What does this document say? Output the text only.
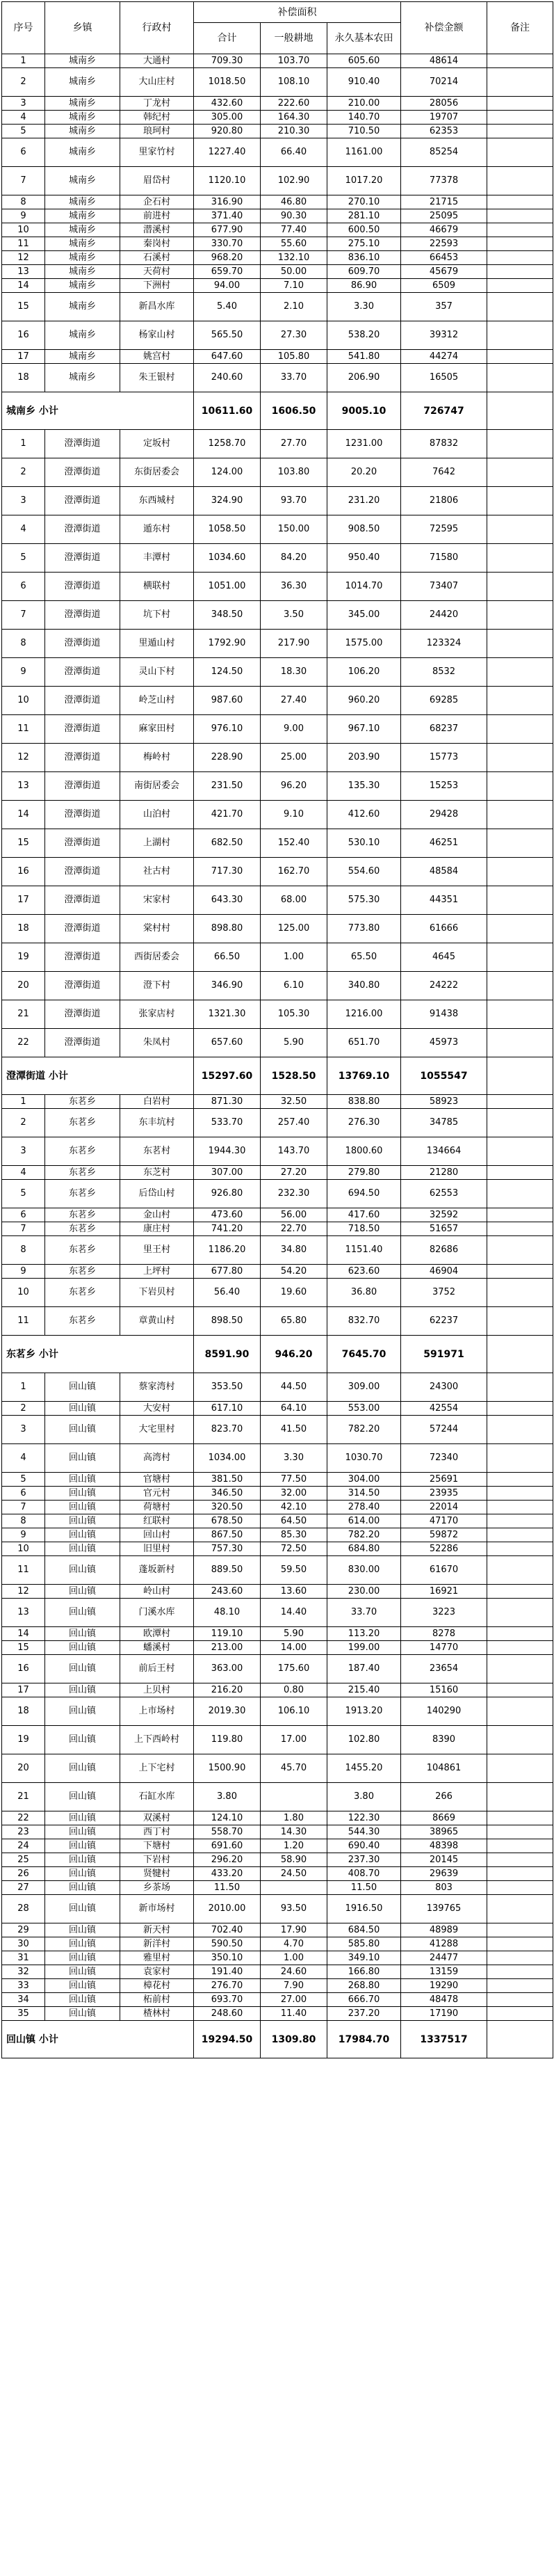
序号	乡镇	行政村	补偿面积			补偿金额	备注
			合计	一般耕地	永久基本农田		
1	城南乡	大通村	709.30	103.70	605.60	48614	
2	城南乡	大山庄村	1018.50	108.10	910.40	70214	
3	城南乡	丁龙村	432.60	222.60	210.00	28056	
4	城南乡	韩纪村	305.00	164.30	140.70	19707	
5	城南乡	琅珂村	920.80	210.30	710.50	62353	
6	城南乡	里家竹村	1227.40	66.40	1161.00	85254	
7	城南乡	眉岱村	1120.10	102.90	1017.20	77378	
8	城南乡	企石村	316.90	46.80	270.10	21715	
9	城南乡	前进村	371.40	90.30	281.10	25095	
10	城南乡	潜溪村	677.90	77.40	600.50	46679	
11	城南乡	秦岗村	330.70	55.60	275.10	22593	
12	城南乡	石溪村	968.20	132.10	836.10	66453	
13	城南乡	天荷村	659.70	50.00	609.70	45679	
14	城南乡	下洲村	94.00	7.10	86.90	6509	
15	城南乡	新昌水库	5.40	2.10	3.30	357	
16	城南乡	杨家山村	565.50	27.30	538.20	39312	
17	城南乡	姚宫村	647.60	105.80	541.80	44274	
18	城南乡	朱王银村	240.60	33.70	206.90	16505	
城南乡 小计			10611.60	1606.50	9005.10	726747	
1	澄潭街道	定坂村	1258.70	27.70	1231.00	87832	
2	澄潭街道	东街居委会	124.00	103.80	20.20	7642	
3	澄潭街道	东西城村	324.90	93.70	231.20	21806	
4	澄潭街道	遁东村	1058.50	150.00	908.50	72595	
5	澄潭街道	丰潭村	1034.60	84.20	950.40	71580	
6	澄潭街道	横联村	1051.00	36.30	1014.70	73407	
7	澄潭街道	坑下村	348.50	3.50	345.00	24420	
8	澄潭街道	里遁山村	1792.90	217.90	1575.00	123324	
9	澄潭街道	灵山下村	124.50	18.30	106.20	8532	
10	澄潭街道	岭芝山村	987.60	27.40	960.20	69285	
11	澄潭街道	麻家田村	976.10	9.00	967.10	68237	
12	澄潭街道	梅岭村	228.90	25.00	203.90	15773	
13	澄潭街道	南街居委会	231.50	96.20	135.30	15253	
14	澄潭街道	山泊村	421.70	9.10	412.60	29428	
15	澄潭街道	上湖村	682.50	152.40	530.10	46251	
16	澄潭街道	社古村	717.30	162.70	554.60	48584	
17	澄潭街道	宋家村	643.30	68.00	575.30	44351	
18	澄潭街道	棠村村	898.80	125.00	773.80	61666	
19	澄潭街道	西街居委会	66.50	1.00	65.50	4645	
20	澄潭街道	澄下村	346.90	6.10	340.80	24222	
21	澄潭街道	张家店村	1321.30	105.30	1216.00	91438	
22	澄潭街道	朱凤村	657.60	5.90	651.70	45973	
澄潭街道 小计			15297.60	1528.50	13769.10	1055547	
1	东茗乡	白岩村	871.30	32.50	838.80	58923	
2	东茗乡	东丰坑村	533.70	257.40	276.30	34785	
3	东茗乡	东茗村	1944.30	143.70	1800.60	134664	
4	东茗乡	东芝村	307.00	27.20	279.80	21280	
5	东茗乡	后岱山村	926.80	232.30	694.50	62553	
6	东茗乡	金山村	473.60	56.00	417.60	32592	
7	东茗乡	康庄村	741.20	22.70	718.50	51657	
8	东茗乡	里王村	1186.20	34.80	1151.40	82686	
9	东茗乡	上坪村	677.80	54.20	623.60	46904	
10	东茗乡	下岩贝村	56.40	19.60	36.80	3752	
11	东茗乡	章黄山村	898.50	65.80	832.70	62237	
东茗乡 小计			8591.90	946.20	7645.70	591971	
1	回山镇	蔡家湾村	353.50	44.50	309.00	24300	
2	回山镇	大安村	617.10	64.10	553.00	42554	
3	回山镇	大宅里村	823.70	41.50	782.20	57244	
4	回山镇	高湾村	1034.00	3.30	1030.70	72340	
5	回山镇	官塘村	381.50	77.50	304.00	25691	
6	回山镇	官元村	346.50	32.00	314.50	23935	
7	回山镇	荷塘村	320.50	42.10	278.40	22014	
8	回山镇	红联村	678.50	64.50	614.00	47170	
9	回山镇	回山村	867.50	85.30	782.20	59872	
10	回山镇	旧里村	757.30	72.50	684.80	52286	
11	回山镇	蓬坂新村	889.50	59.50	830.00	61670	
12	回山镇	岭山村	243.60	13.60	230.00	16921	
13	回山镇	门溪水库	48.10	14.40	33.70	3223	
14	回山镇	欧潭村	119.10	5.90	113.20	8278	
15	回山镇	蟠溪村	213.00	14.00	199.00	14770	
16	回山镇	前后王村	363.00	175.60	187.40	23654	
17	回山镇	上贝村	216.20	0.80	215.40	15160	
18	回山镇	上市场村	2019.30	106.10	1913.20	140290	
19	回山镇	上下西岭村	119.80	17.00	102.80	8390	
20	回山镇	上下宅村	1500.90	45.70	1455.20	104861	
21	回山镇	石缸水库	3.80		3.80	266	
22	回山镇	双溪村	124.10	1.80	122.30	8669	
23	回山镇	西丁村	558.70	14.30	544.30	38965	
24	回山镇	下塘村	691.60	1.20	690.40	48398	
25	回山镇	下岩村	296.20	58.90	237.30	20145	
26	回山镇	贤犍村	433.20	24.50	408.70	29639	
27	回山镇	乡茶场	11.50		11.50	803	
28	回山镇	新市场村	2010.00	93.50	1916.50	139765	
29	回山镇	新天村	702.40	17.90	684.50	48989	
30	回山镇	新洋村	590.50	4.70	585.80	41288	
31	回山镇	雅里村	350.10	1.00	349.10	24477	
32	回山镇	袁家村	191.40	24.60	166.80	13159	
33	回山镇	樟花村	276.70	7.90	268.80	19290	
34	回山镇	柘前村	693.70	27.00	666.70	48478	
35	回山镇	楂林村	248.60	11.40	237.20	17190	
回山镇 小计			19294.50	1309.80	17984.70	1337517	
